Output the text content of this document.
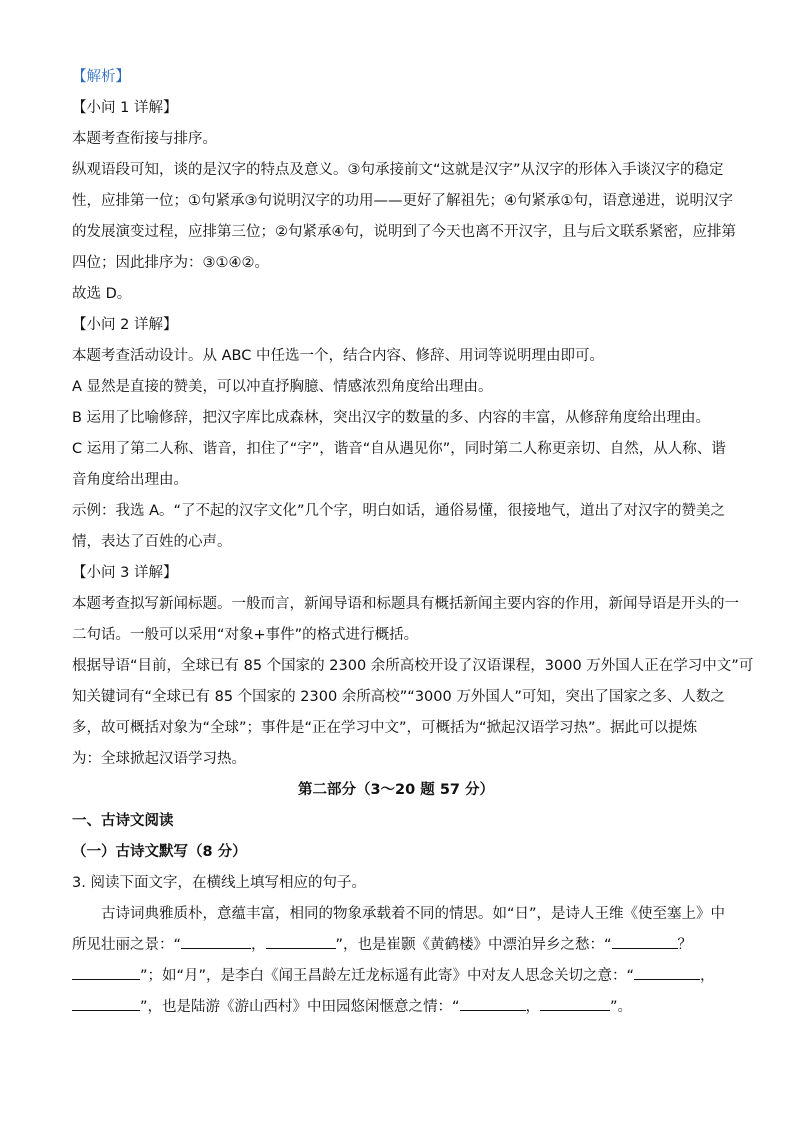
【解析】
【小问 1 详解】
本题考查衔接与排序。
纵观语段可知，谈的是汉字的特点及意义。③句承接前文“这就是汉字”从汉字的形体入手谈汉字的稳定
性，应排第一位；①句紧承③句说明汉字的功用——更好了解祖先；④句紧承①句，语意递进，说明汉字
的发展演变过程，应排第三位；②句紧承④句，说明到了今天也离不开汉字，且与后文联系紧密，应排第
四位；因此排序为：③①④②。
故选 D。
【小问 2 详解】
本题考查活动设计。从 ABC 中任选一个，结合内容、修辞、用词等说明理由即可。
A 显然是直接的赞美，可以冲直抒胸臆、情感浓烈角度给出理由。
B 运用了比喻修辞，把汉字库比成森林，突出汉字的数量的多、内容的丰富，从修辞角度给出理由。
C 运用了第二人称、谐音，扣住了“字”，谐音“自从遇见你”，同时第二人称更亲切、自然，从人称、谐
音角度给出理由。
示例：我选 A。“了不起的汉字文化”几个字，明白如话，通俗易懂，很接地气，道出了对汉字的赞美之
情，表达了百姓的心声。
【小问 3 详解】
本题考查拟写新闻标题。一般而言，新闻导语和标题具有概括新闻主要内容的作用，新闻导语是开头的一
二句话。一般可以采用“对象+事件”的格式进行概括。
根据导语“目前，全球已有 85 个国家的 2300 余所高校开设了汉语课程，3000 万外国人正在学习中文”可
知关键词有“全球已有 85 个国家的 2300 余所高校”“3000 万外国人”可知，突出了国家之多、人数之
多，故可概括对象为“全球”；事件是“正在学习中文”，可概括为“掀起汉语学习热”。据此可以提炼
为：全球掀起汉语学习热。
第二部分（3～20 题 57 分）
一、古诗文阅读
（一）古诗文默写（8 分）
3. 阅读下面文字，在横线上填写相应的句子。
古诗词典雅质朴，意蕴丰富，相同的物象承载着不同的情思。如“日”，是诗人王维《使至塞上》中
所见壮丽之景：“	，	”，也是崔颢《黄鹤楼》中漂泊异乡之愁：“	？
”；如“月”，是李白《闻王昌龄左迁龙标遥有此寄》中对友人思念关切之意：“	，
”，也是陆游《游山西村》中田园悠闲惬意之情：“	，	”。
